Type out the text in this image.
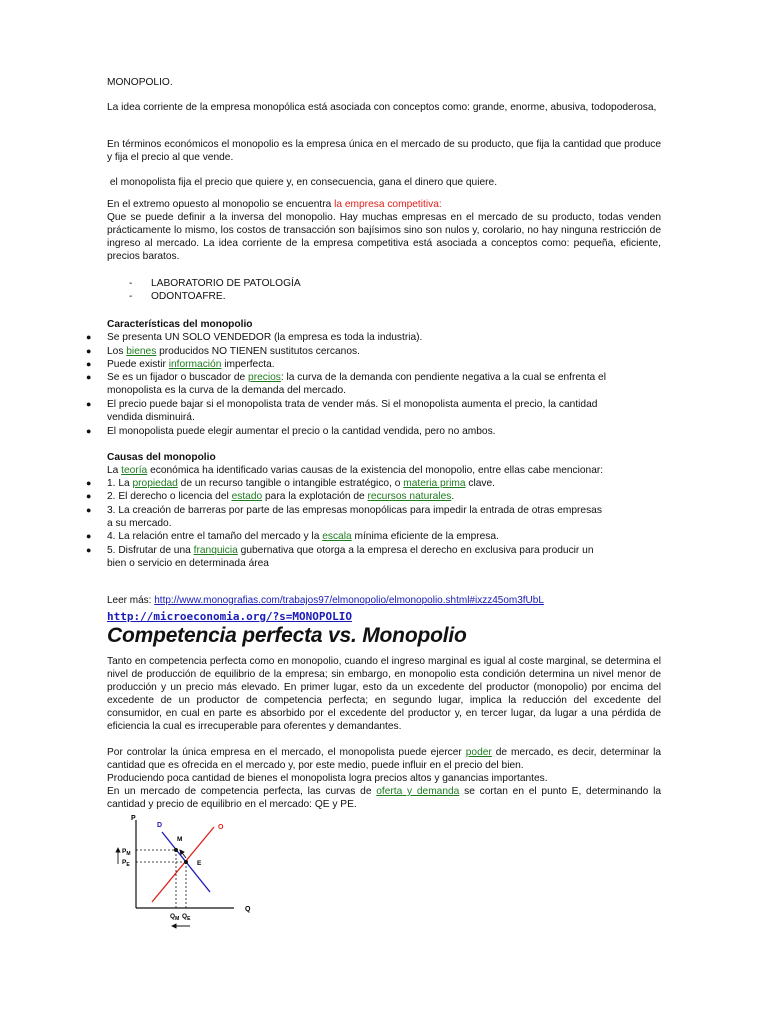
MONOPOLIO.
La idea corriente de la empresa monopólica está asociada con conceptos como: grande, enorme, abusiva, todopoderosa,
En términos económicos el monopolio es la empresa única en el mercado de su producto, que fija la cantidad que produce y fija el precio al que vende.
el monopolista fija el precio que quiere y, en consecuencia, gana el dinero que quiere.
En el extremo opuesto al monopolio se encuentra la empresa competitiva:
Que se puede definir a la inversa del monopolio. Hay muchas empresas en el mercado de su producto, todas venden prácticamente lo mismo, los costos de transacción son bajísimos sino son nulos y, corolario, no hay ninguna restricción de ingreso al mercado. La idea corriente de la empresa competitiva está asociada a conceptos como: pequeña, eficiente, precios baratos.
- LABORATORIO DE PATOLOGÍA
- ODONTOAFRE.
Características del monopolio
● Se presenta UN SOLO VENDEDOR (la empresa es toda la industria).
● Los bienes producidos NO TIENEN sustitutos cercanos.
● Puede existir información imperfecta.
● Se es un fijador o buscador de precios: la curva de la demanda con pendiente negativa a la cual se enfrenta el
monopolista es la curva de la demanda del mercado.
● El precio puede bajar si el monopolista trata de vender más. Si el monopolista aumenta el precio, la cantidad
vendida disminuirá.
● El monopolista puede elegir aumentar el precio o la cantidad vendida, pero no ambos.
Causas del monopolio
La teoría económica ha identificado varias causas de la existencia del monopolio, entre ellas cabe mencionar:
● 1. La propiedad de un recurso tangible o intangible estratégico, o materia prima clave.
● 2. El derecho o licencia del estado para la explotación de recursos naturales.
● 3. La creación de barreras por parte de las empresas monopólicas para impedir la entrada de otras empresas
a su mercado.
● 4. La relación entre el tamaño del mercado y la escala mínima eficiente de la empresa.
● 5. Disfrutar de una franquicia gubernativa que otorga a la empresa el derecho en exclusiva para producir un
bien o servicio en determinada área
Leer más: http://www.monografias.com/trabajos97/elmonopolio/elmonopolio.shtml#ixzz45om3fUbL
http://microeconomia.org/?s=MONOPOLIO
Competencia perfecta vs. Monopolio
Tanto en competencia perfecta como en monopolio, cuando el ingreso marginal es igual al coste marginal, se determina el nivel de producción de equilibrio de la empresa; sin embargo, en monopolio esta condición determina un nivel menor de producción y un precio más elevado. En primer lugar, esto da un excedente del productor (monopolio) por encima del excedente de un productor de competencia perfecta; en segundo lugar, implica la reducción del excedente del consumidor, en cual en parte es absorbido por el excedente del productor y, en tercer lugar, da lugar a una pérdida de eficiencia la cual es irrecuperable para oferentes y demandantes.
Por controlar la única empresa en el mercado, el monopolista puede ejercer poder de mercado, es decir, determinar la cantidad que es ofrecida en el mercado y, por este medio, puede influir en el precio del bien.
Produciendo poca cantidad de bienes el monopolista logra precios altos y ganancias importantes.
En un mercado de competencia perfecta, las curvas de oferta y demanda se cortan en el punto E, determinando la cantidad y precio de equilibrio en el mercado: QE y PE.
P
Q
D	O
M
E
$P_M$
$P_E$
$Q_M$ $Q_E$
